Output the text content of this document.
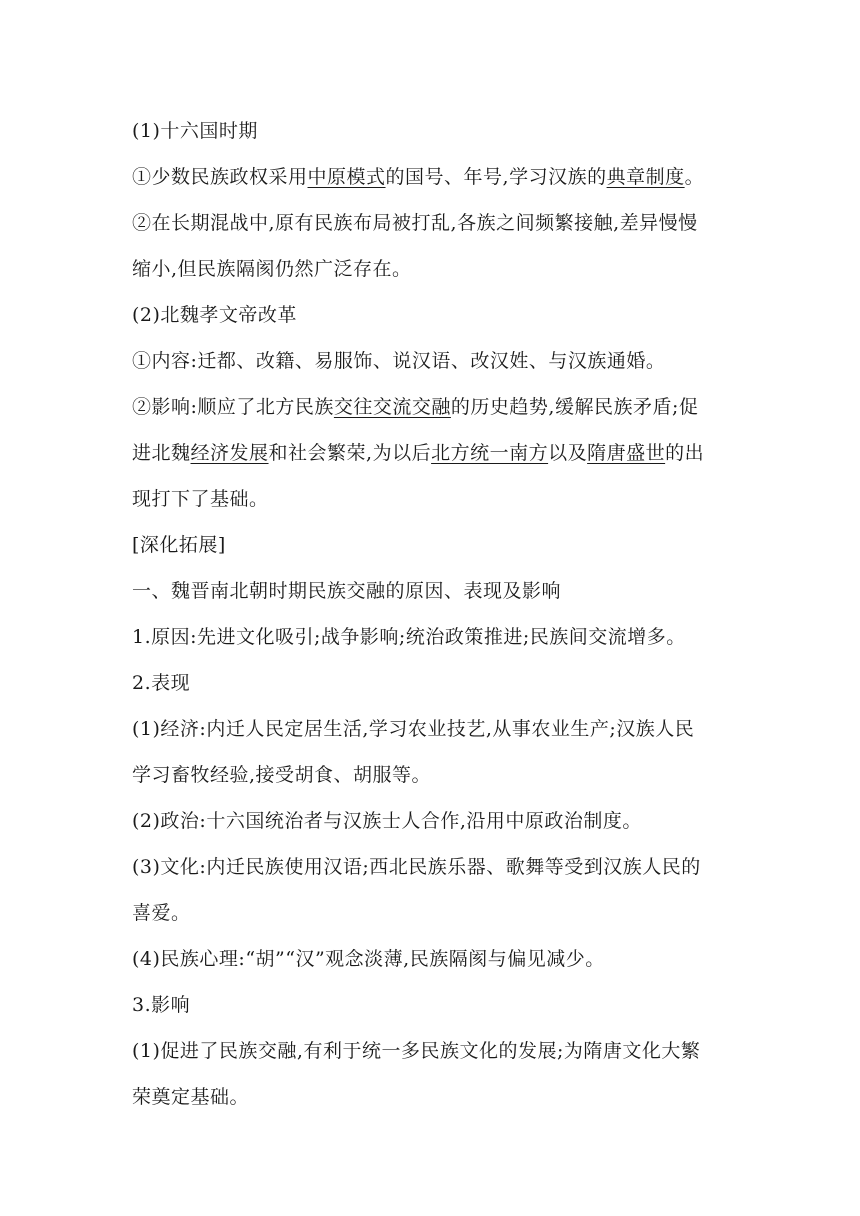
(1)十六国时期
①少数民族政权采用中原模式的国号、年号,学习汉族的典章制度。
②在长期混战中,原有民族布局被打乱,各族之间频繁接触,差异慢慢
缩小,但民族隔阂仍然广泛存在。
(2)北魏孝文帝改革
①内容:迁都、改籍、易服饰、说汉语、改汉姓、与汉族通婚。
②影响:顺应了北方民族交往交流交融的历史趋势,缓解民族矛盾;促
进北魏经济发展和社会繁荣,为以后北方统一南方以及隋唐盛世的出
现打下了基础。
[深化拓展]
一、魏晋南北朝时期民族交融的原因、表现及影响
1.原因:先进文化吸引;战争影响;统治政策推进;民族间交流增多。
2.表现
(1)经济:内迁人民定居生活,学习农业技艺,从事农业生产;汉族人民
学习畜牧经验,接受胡食、胡服等。
(2)政治:十六国统治者与汉族士人合作,沿用中原政治制度。
(3)文化:内迁民族使用汉语;西北民族乐器、歌舞等受到汉族人民的
喜爱。
(4)民族心理:“胡”“汉”观念淡薄,民族隔阂与偏见减少。
3.影响
(1)促进了民族交融,有利于统一多民族文化的发展;为隋唐文化大繁
荣奠定基础。
